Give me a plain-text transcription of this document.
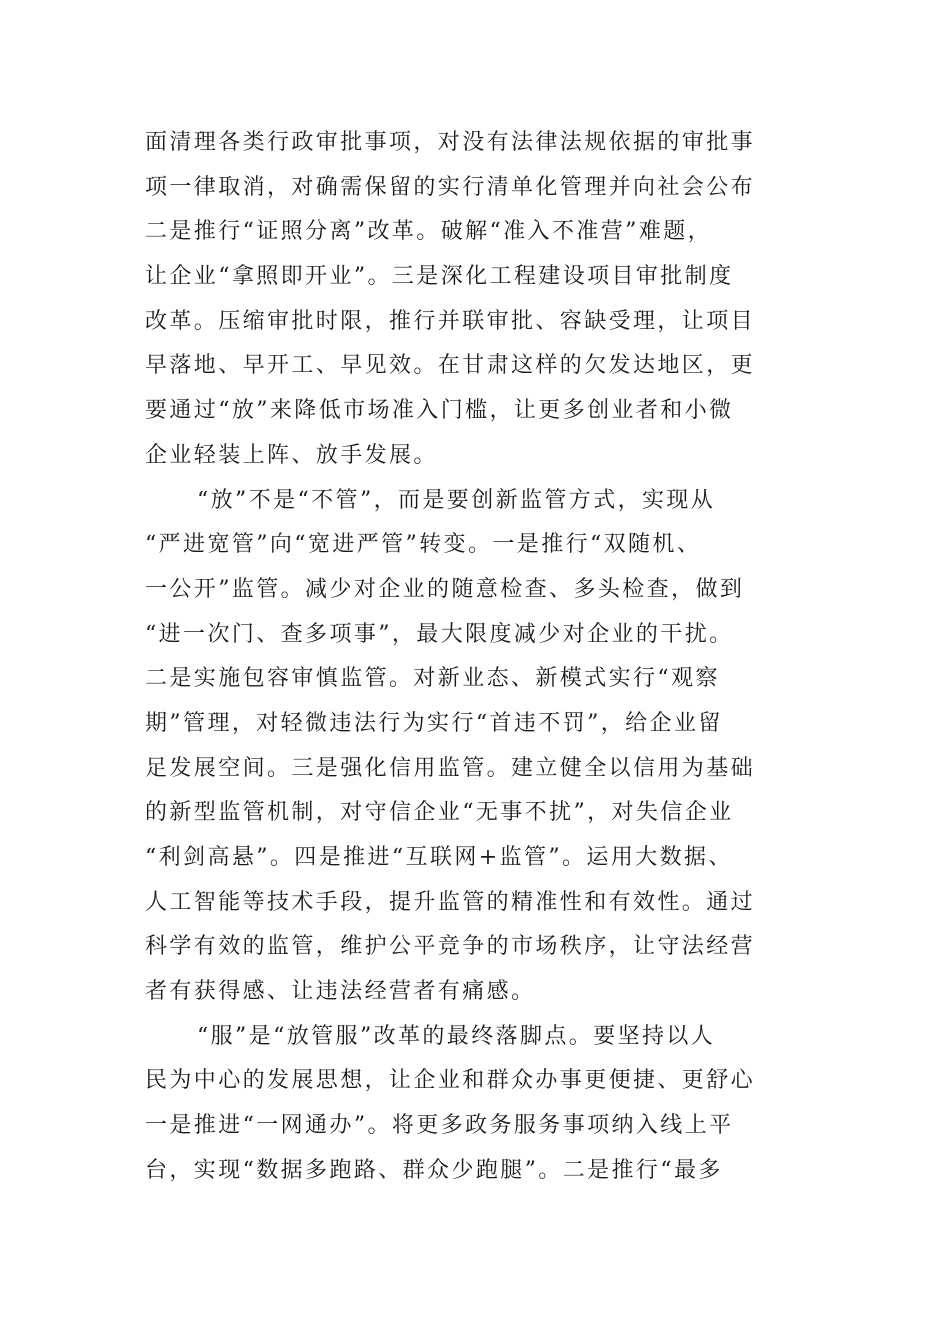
面清理各类行政审批事项，对没有法律法规依据的审批事
项一律取消，对确需保留的实行清单化管理并向社会公布
二是推行“证照分离”改革。破解“准入不准营”难题，
让企业“拿照即开业”。三是深化工程建设项目审批制度
改革。压缩审批时限，推行并联审批、容缺受理，让项目
早落地、早开工、早见效。在甘肃这样的欠发达地区，更
要通过“放”来降低市场准入门槛，让更多创业者和小微
企业轻装上阵、放手发展。
“放”不是“不管”，而是要创新监管方式，实现从
“严进宽管”向“宽进严管”转变。一是推行“双随机、
一公开”监管。减少对企业的随意检查、多头检查，做到
“进一次门、查多项事”，最大限度减少对企业的干扰。
二是实施包容审慎监管。对新业态、新模式实行“观察
期”管理，对轻微违法行为实行“首违不罚”，给企业留
足发展空间。三是强化信用监管。建立健全以信用为基础
的新型监管机制，对守信企业“无事不扰”，对失信企业
“利剑高悬”。四是推进“互联网+监管”。运用大数据、
人工智能等技术手段，提升监管的精准性和有效性。通过
科学有效的监管，维护公平竞争的市场秩序，让守法经营
者有获得感、让违法经营者有痛感。
“服”是“放管服”改革的最终落脚点。要坚持以人
民为中心的发展思想，让企业和群众办事更便捷、更舒心
一是推进“一网通办”。将更多政务服务事项纳入线上平
台，实现“数据多跑路、群众少跑腿”。二是推行“最多
